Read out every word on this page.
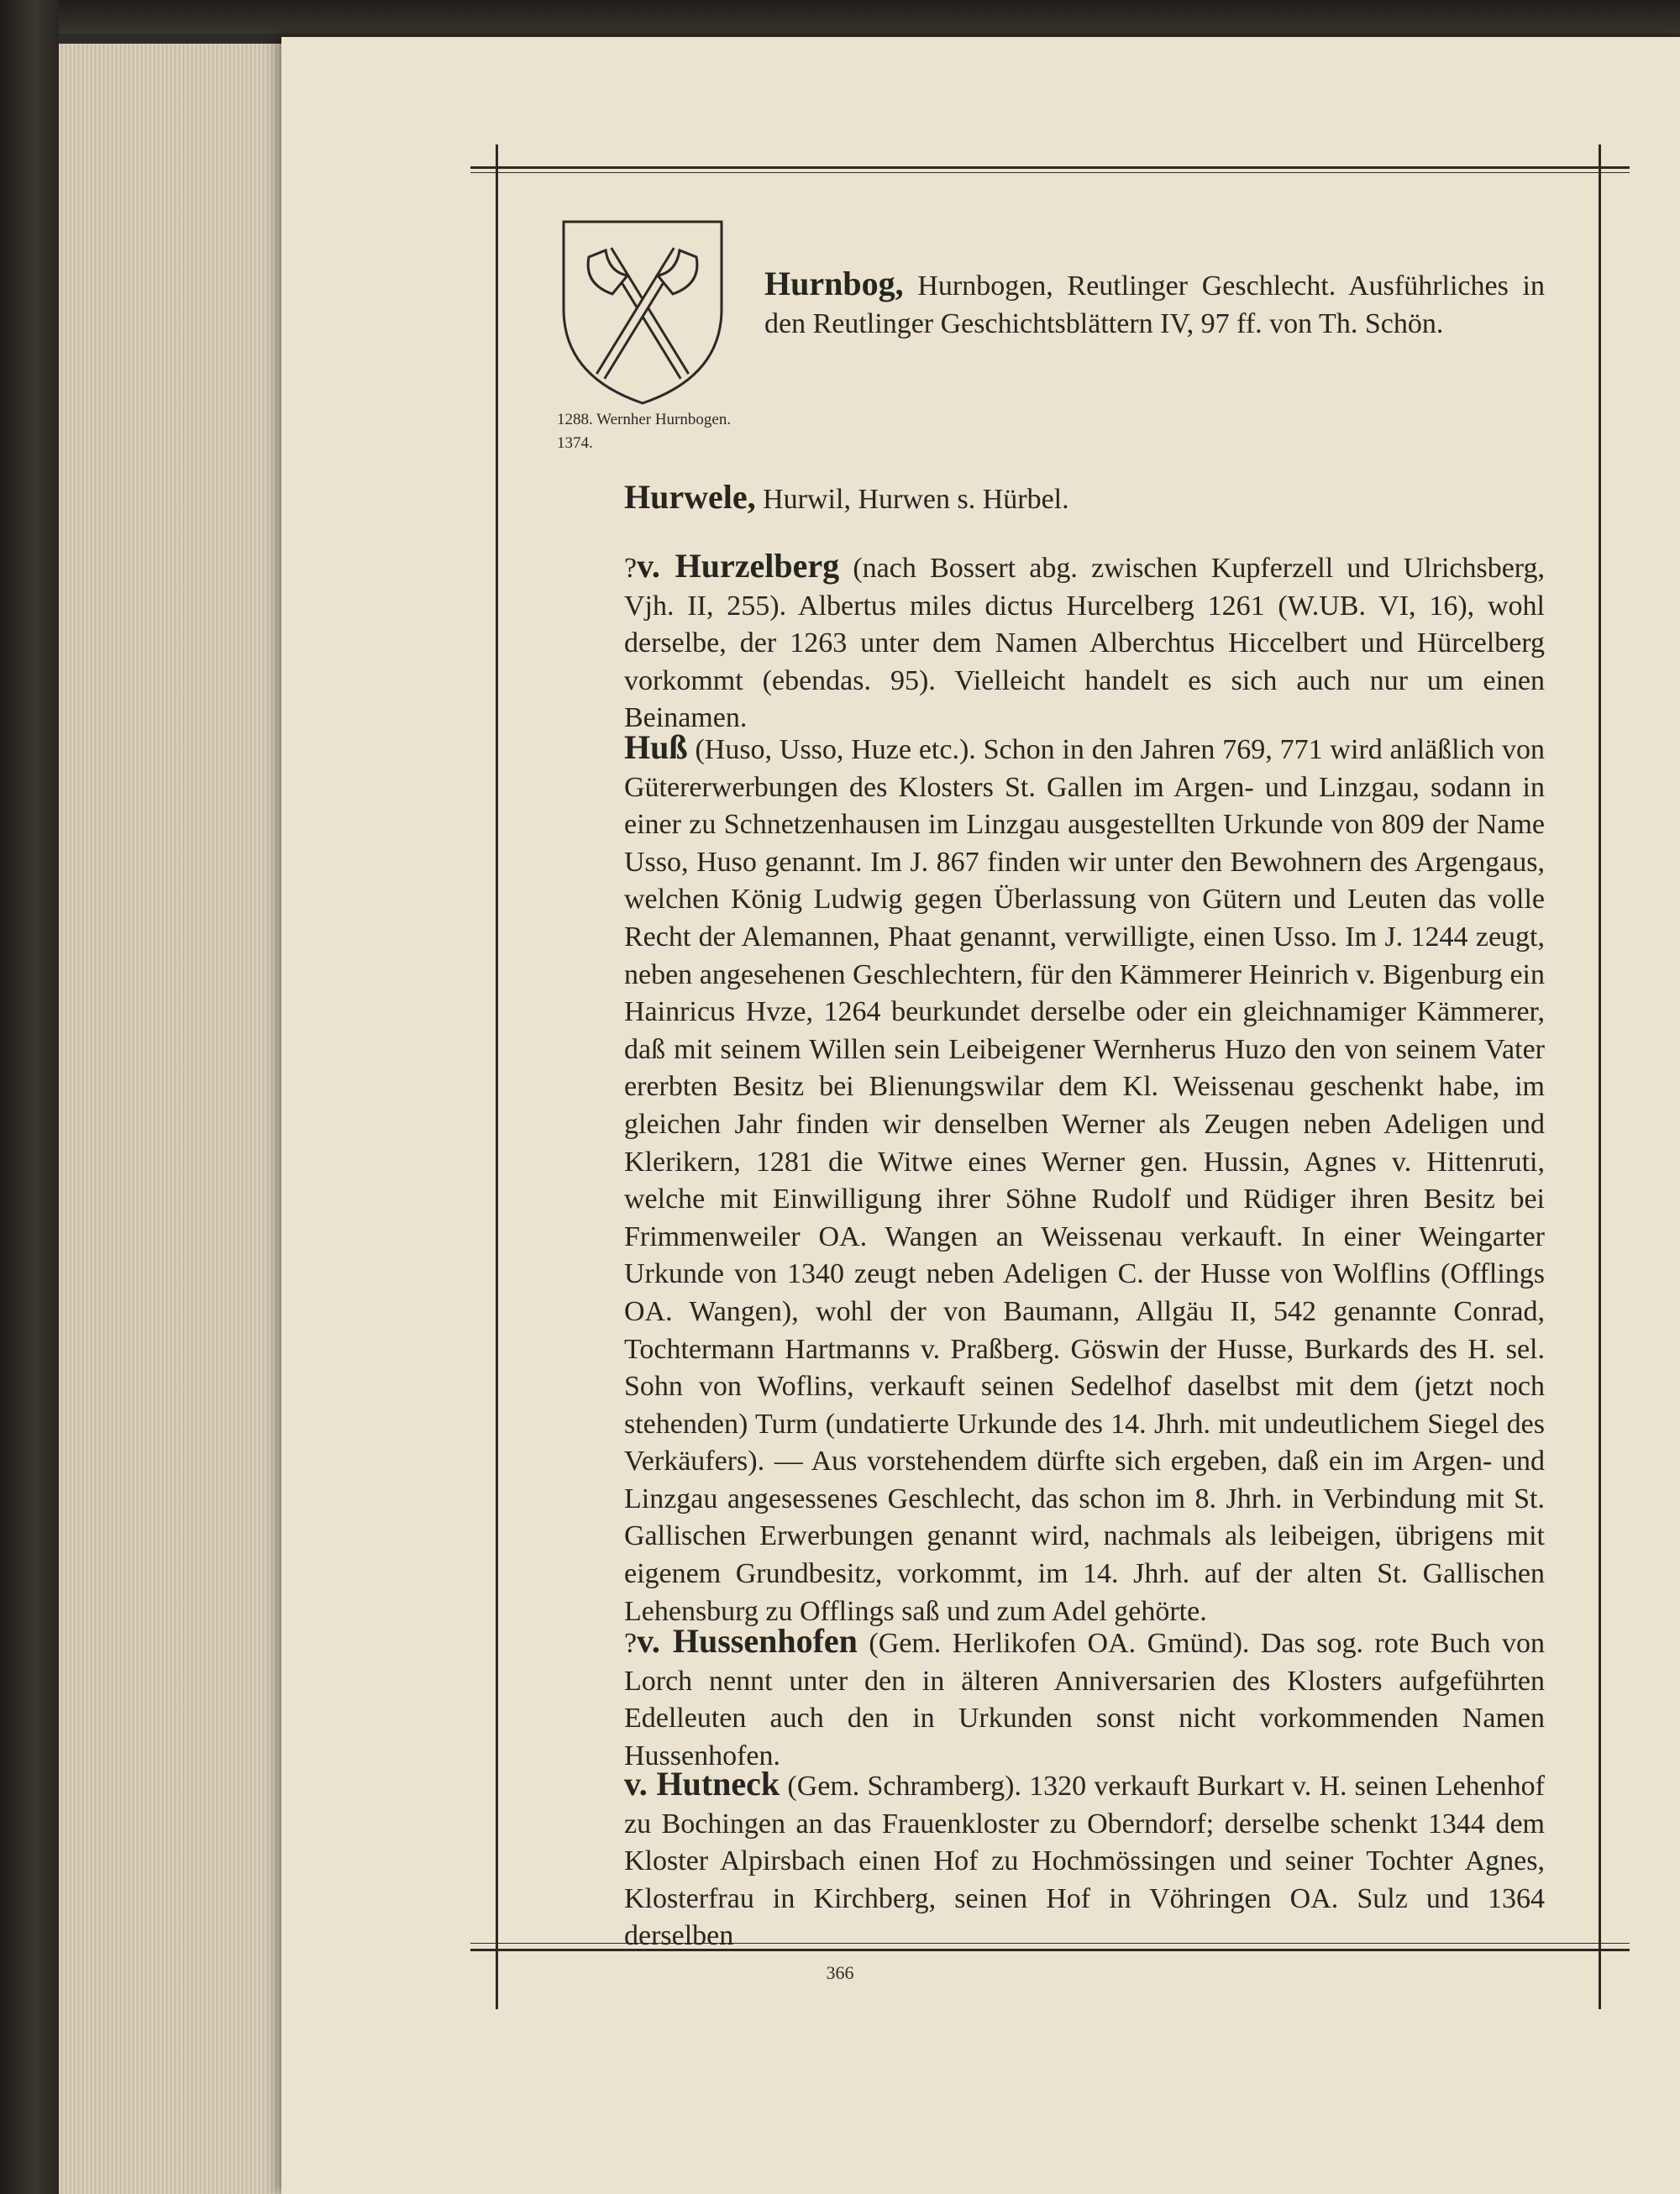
1288. Wernher Hurnbogen. 1374.
Hurnbog, Hurnbogen, Reutlinger Geschlecht. Ausführliches in den Reutlinger Geschichtsblättern IV, 97 ff. von Th. Schön.
Hurwele, Hurwil, Hurwen s. Hürbel.
?v. Hurzelberg (nach Bossert abg. zwischen Kupferzell und Ulrichsberg, Vjh. II, 255). Albertus miles dictus Hurcelberg 1261 (W.UB. VI, 16), wohl derselbe, der 1263 unter dem Namen Alberchtus Hiccelbert und Hürcelberg vorkommt (ebendas. 95). Vielleicht handelt es sich auch nur um einen Beinamen.
Huß (Huso, Usso, Huze etc.). Schon in den Jahren 769, 771 wird anläßlich von Gütererwerbungen des Klosters St. Gallen im Argen- und Linzgau, sodann in einer zu Schnetzenhausen im Linzgau ausgestellten Urkunde von 809 der Name Usso, Huso genannt. Im J. 867 finden wir unter den Bewohnern des Argengaus, welchen König Ludwig gegen Überlassung von Gütern und Leuten das volle Recht der Alemannen, Phaat genannt, verwilligte, einen Usso. Im J. 1244 zeugt, neben angesehenen Geschlechtern, für den Kämmerer Heinrich v. Bigenburg ein Hainricus Hvze, 1264 beurkundet derselbe oder ein gleichnamiger Kämmerer, daß mit seinem Willen sein Leibeigener Wernherus Huzo den von seinem Vater ererbten Besitz bei Blienungswilar dem Kl. Weissenau geschenkt habe, im gleichen Jahr finden wir denselben Werner als Zeugen neben Adeligen und Klerikern, 1281 die Witwe eines Werner gen. Hussin, Agnes v. Hittenruti, welche mit Einwilligung ihrer Söhne Rudolf und Rüdiger ihren Besitz bei Frimmenweiler OA. Wangen an Weissenau verkauft. In einer Weingarter Urkunde von 1340 zeugt neben Adeligen C. der Husse von Wolflins (Offlings OA. Wangen), wohl der von Baumann, Allgäu II, 542 genannte Conrad, Tochtermann Hartmanns v. Praßberg. Göswin der Husse, Burkards des H. sel. Sohn von Woflins, verkauft seinen Sedelhof daselbst mit dem (jetzt noch stehenden) Turm (undatierte Urkunde des 14. Jhrh. mit undeutlichem Siegel des Verkäufers). — Aus vorstehendem dürfte sich ergeben, daß ein im Argen- und Linzgau angesessenes Geschlecht, das schon im 8. Jhrh. in Verbindung mit St. Gallischen Erwerbungen genannt wird, nachmals als leibeigen, übrigens mit eigenem Grundbesitz, vorkommt, im 14. Jhrh. auf der alten St. Gallischen Lehensburg zu Offlings saß und zum Adel gehörte.
?v. Hussenhofen (Gem. Herlikofen OA. Gmünd). Das sog. rote Buch von Lorch nennt unter den in älteren Anniversarien des Klosters aufgeführten Edelleuten auch den in Urkunden sonst nicht vorkommenden Namen Hussenhofen.
v. Hutneck (Gem. Schramberg). 1320 verkauft Burkart v. H. seinen Lehenhof zu Bochingen an das Frauenkloster zu Oberndorf; derselbe schenkt 1344 dem Kloster Alpirsbach einen Hof zu Hochmössingen und seiner Tochter Agnes, Klosterfrau in Kirchberg, seinen Hof in Vöhringen OA. Sulz und 1364 derselben
366
